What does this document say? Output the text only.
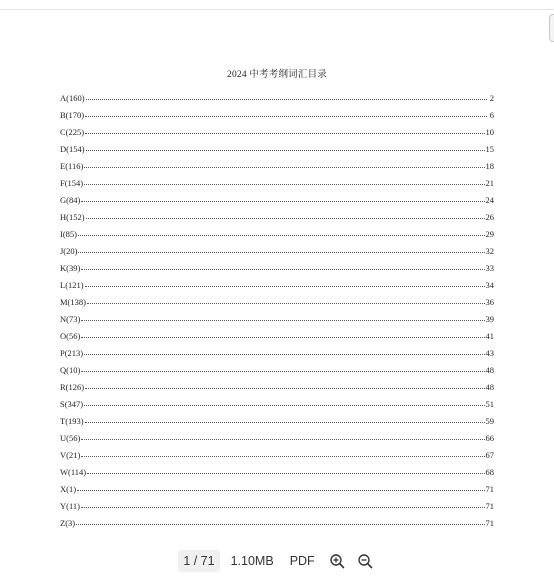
2024 中考考纲词汇目录
A(160)	2
B(170)	6
C(225)	10
D(154)	15
E(116)	18
F(154)	21
G(84)	24
H(152)	26
I(85)	29
J(20)	32
K(39)	33
L(121)	34
M(138)	36
N(73)	39
O(56)	41
P(213)	43
Q(10)	48
R(126)	48
S(347)	51
T(193)	59
U(56)	66
V(21)	67
W(114)	68
X(1)	71
Y(11)	71
Z(3)	71
1 / 71	1.10MB	PDF
